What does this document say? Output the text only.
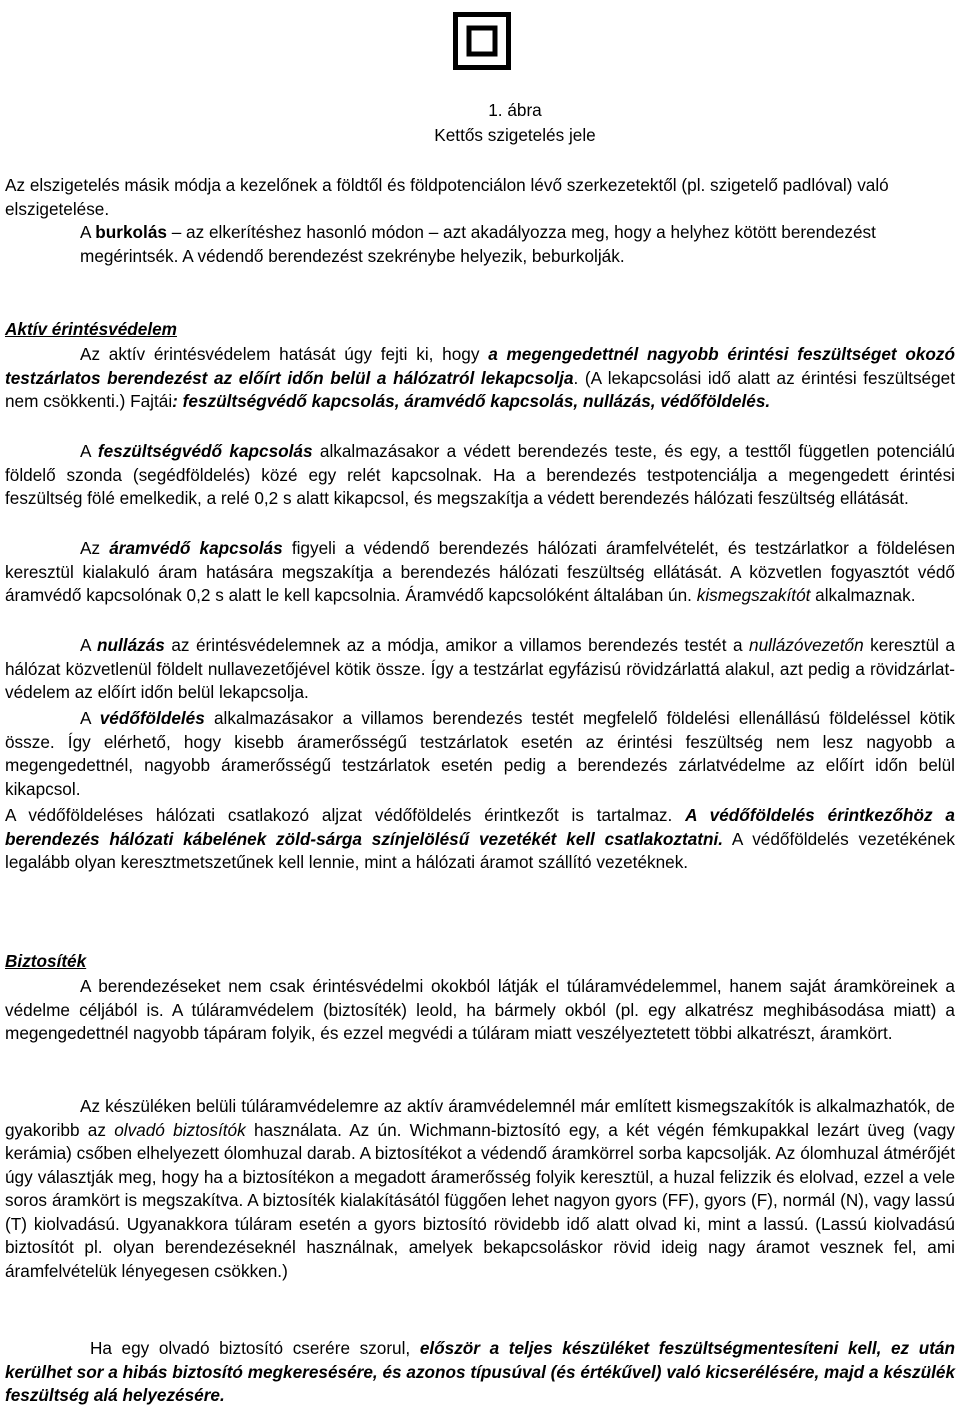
1. ábra
Kettős szigetelés jele

Az elszigetelés másik módja a kezelőnek a földtől és földpotenciálon lévő szerkezetektől (pl. szigetelő padlóval) való elszigetelése.

A burkolás – az elkerítéshez hasonló módon – azt akadályozza meg, hogy a helyhez kötött berendezést megérintsék. A védendő berendezést szekrénybe helyezik, beburkolják.

Aktív érintésvédelem

Az aktív érintésvédelem hatását úgy fejti ki, hogy a megengedettnél nagyobb érintési feszültséget okozó testzárlatos berendezést az előírt időn belül a hálózatról lekapcsolja. (A lekapcsolási idő alatt az érintési feszültséget nem csökkenti.) Fajtái: feszültségvédő kapcsolás, áramvédő kapcsolás, nullázás, védőföldelés.

A feszültségvédő kapcsolás alkalmazásakor a védett berendezés teste, és egy, a testtől független potenciálú földelő szonda (segédföldelés) közé egy relét kapcsolnak. Ha a berendezés testpotenciálja a megengedett érintési feszültség fölé emelkedik, a relé 0,2 s alatt kikapcsol, és megszakítja a védett berendezés hálózati feszültség ellátását.

Az áramvédő kapcsolás figyeli a védendő berendezés hálózati áramfelvételét, és testzárlatkor a földelésen keresztül kialakuló áram hatására megszakítja a berendezés hálózati feszültség ellátását. A közvetlen fogyasztót védő áramvédő kapcsolónak 0,2 s alatt le kell kapcsolnia. Áramvédő kapcsolóként általában ún. kismegszakítót alkalmaznak.

A nullázás az érintésvédelemnek az a módja, amikor a villamos berendezés testét a nullázóvezetőn keresztül a hálózat közvetlenül földelt nullavezetőjével kötik össze. Így a testzárlat egyfázisú rövidzárlattá alakul, azt pedig a rövidzárlat-védelem az előírt időn belül lekapcsolja.

A védőföldelés alkalmazásakor a villamos berendezés testét megfelelő földelési ellenállású földeléssel kötik össze. Így elérhető, hogy kisebb áramerősségű testzárlatok esetén az érintési feszültség nem lesz nagyobb a megengedettnél, nagyobb áramerősségű testzárlatok esetén pedig a berendezés zárlatvédelme az előírt időn belül kikapcsol.

A védőföldeléses hálózati csatlakozó aljzat védőföldelés érintkezőt is tartalmaz. A védőföldelés érintkezőhöz a berendezés hálózati kábelének zöld-sárga színjelölésű vezetékét kell csatlakoztatni. A védőföldelés vezetékének legalább olyan keresztmetszetűnek kell lennie, mint a hálózati áramot szállító vezetéknek.

Biztosíték

A berendezéseket nem csak érintésvédelmi okokból látják el túláramvédelemmel, hanem saját áramköreinek a védelme céljából is. A túláramvédelem (biztosíték) leold, ha bármely okból (pl. egy alkatrész meghibásodása miatt) a megengedettnél nagyobb tápáram folyik, és ezzel megvédi a túláram miatt veszélyeztetett többi alkatrészt, áramkört.

Az készüléken belüli túláramvédelemre az aktív áramvédelemnél már említett kismegszakítók is alkalmazhatók, de gyakoribb az olvadó biztosítók használata. Az ún. Wichmann-biztosító egy, a két végén fémkupakkal lezárt üveg (vagy kerámia) csőben elhelyezett ólomhuzal darab. A biztosítékot a védendő áramkörrel sorba kapcsolják. Az ólomhuzal átmérőjét úgy választják meg, hogy ha a biztosítékon a megadott áramerősség folyik keresztül, a huzal felizzik és elolvad, ezzel a vele soros áramkört is megszakítva. A biztosíték kialakításától függően lehet nagyon gyors (FF), gyors (F), normál (N), vagy lassú (T) kiolvadású. Ugyanakkora túláram esetén a gyors biztosító rövidebb idő alatt olvad ki, mint a lassú. (Lassú kiolvadású biztosítót pl. olyan berendezéseknél használnak, amelyek bekapcsoláskor rövid ideig nagy áramot vesznek fel, ami áramfelvételük lényegesen csökken.)

Ha egy olvadó biztosító cserére szorul, először a teljes készüléket feszültségmentesíteni kell, ez után kerülhet sor a hibás biztosító megkeresésére, és azonos típusúval (és értékűvel) való kicserélésére, majd a készülék feszültség alá helyezésére.
